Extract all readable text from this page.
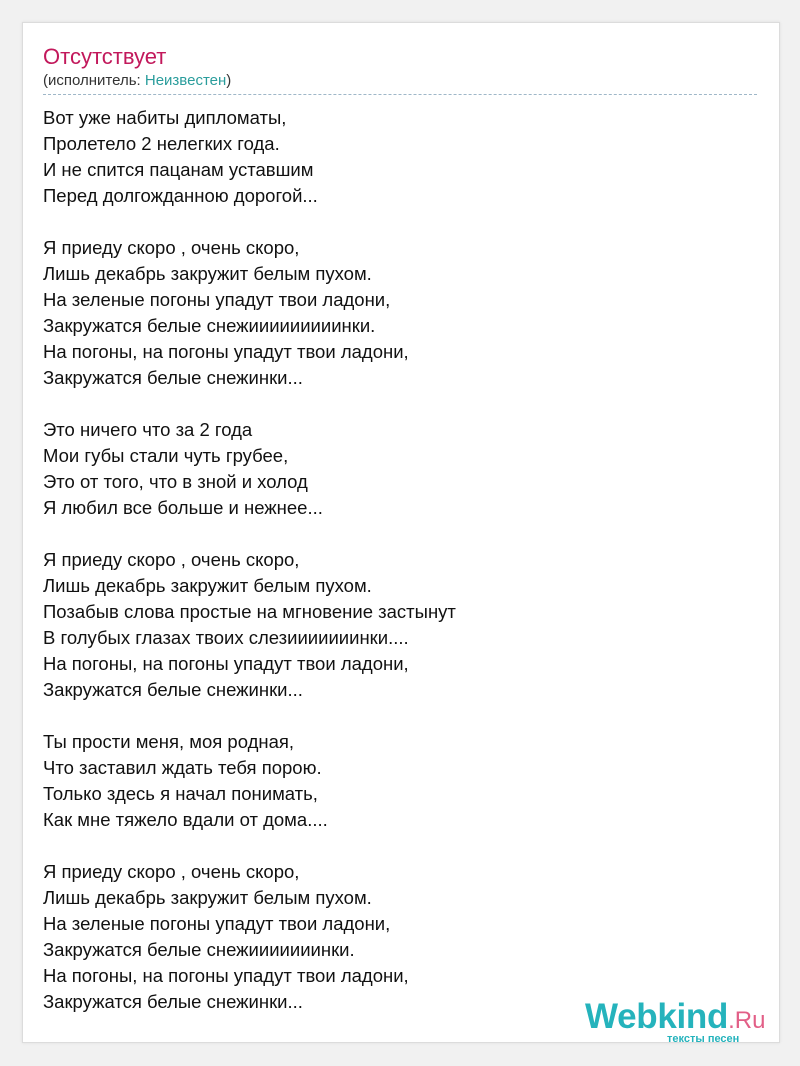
Отсутствует
(исполнитель: Неизвестен)
Вот уже набиты дипломаты,
Пролетело 2 нелегких года.
И не спится пацанам уставшим
Перед долгожданною дорогой...
Я приеду скоро , очень скоро,
Лишь декабрь закружит белым пухом.
На зеленые погоны упадут твои ладони,
Закружатся белые снежииииииииинки.
На погоны, на погоны упадут твои ладони,
Закружатся белые снежинки...
Это ничего что за 2 года
Мои губы стали чуть грубее,
Это от того, что в зной и холод
Я любил все больше и нежнее...
Я приеду скоро , очень скоро,
Лишь декабрь закружит белым пухом.
Позабыв слова простые на мгновение застынут
В голубых глазах твоих слезииииииинки....
На погоны, на погоны упадут твои ладони,
Закружатся белые снежинки...
Ты прости меня, моя родная,
Что заставил ждать тебя порою.
Только здесь я начал понимать,
Как мне тяжело вдали от дома....
Я приеду скоро , очень скоро,
Лишь декабрь закружит белым пухом.
На зеленые погоны упадут твои ладони,
Закружатся белые снежииииииинки.
На погоны, на погоны упадут твои ладони,
Закружатся белые снежинки...	Webkind.Ru
тексты песен
